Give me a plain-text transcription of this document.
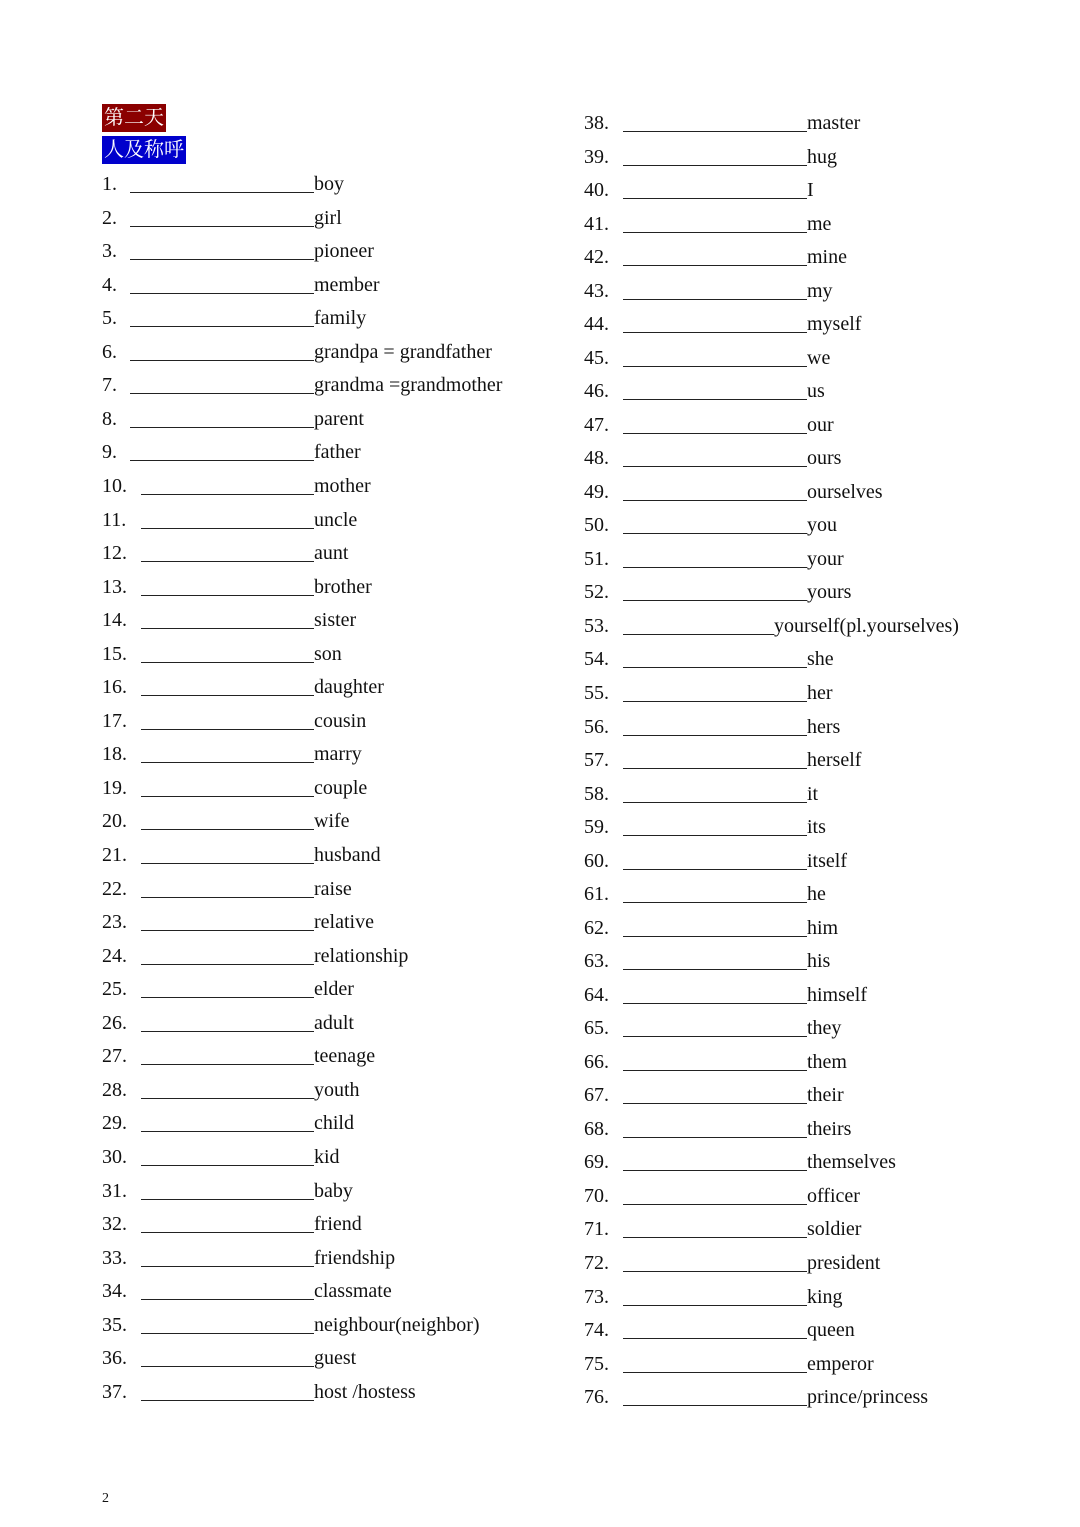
第二天
人及称呼
1.	boy
2.	girl
3.	pioneer
4.	member
5.	family
6.	grandpa = grandfather
7.	grandma =grandmother
8.	parent
9.	father
10.	mother
11.	uncle
12.	aunt
13.	brother
14.	sister
15.	son
16.	daughter
17.	cousin
18.	marry
19.	couple
20.	wife
21.	husband
22.	raise
23.	relative
24.	relationship
25.	elder
26.	adult
27.	teenage
28.	youth
29.	child
30.	kid
31.	baby
32.	friend
33.	friendship
34.	classmate
35.	neighbour(neighbor)
36.	guest
37.	host /hostess
38.	master
39.	hug
40.	I
41.	me
42.	mine
43.	my
44.	myself
45.	we
46.	us
47.	our
48.	ours
49.	ourselves
50.	you
51.	your
52.	yours
53.	yourself(pl.yourselves)
54.	she
55.	her
56.	hers
57.	herself
58.	it
59.	its
60.	itself
61.	he
62.	him
63.	his
64.	himself
65.	they
66.	them
67.	their
68.	theirs
69.	themselves
70.	officer
71.	soldier
72.	president
73.	king
74.	queen
75.	emperor
76.	prince/princess
2
